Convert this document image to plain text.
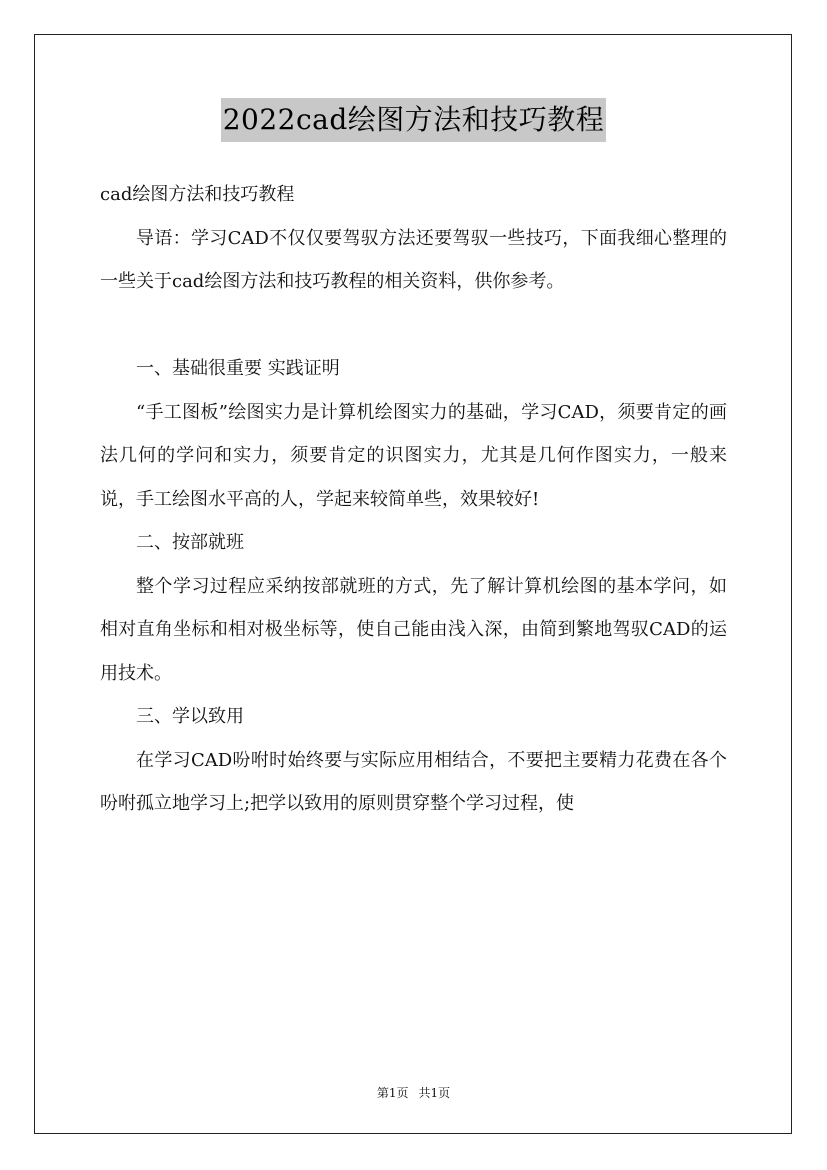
2022cad绘图方法和技巧教程

cad绘图方法和技巧教程

导语：学习CAD不仅仅要驾驭方法还要驾驭一些技巧，下面我细心整理的一些关于cad绘图方法和技巧教程的相关资料，供你参考。

一、基础很重要 实践证明

“手工图板”绘图实力是计算机绘图实力的基础，学习CAD，须要肯定的画法几何的学问和实力，须要肯定的识图实力，尤其是几何作图实力，一般来说，手工绘图水平高的人，学起来较简单些，效果较好!

二、按部就班

整个学习过程应采纳按部就班的方式，先了解计算机绘图的基本学问，如相对直角坐标和相对极坐标等，使自己能由浅入深，由简到繁地驾驭CAD的运用技术。

三、学以致用

在学习CAD吩咐时始终要与实际应用相结合，不要把主要精力花费在各个吩咐孤立地学习上;把学以致用的原则贯穿整个学习过程，使

第1页 共1页
